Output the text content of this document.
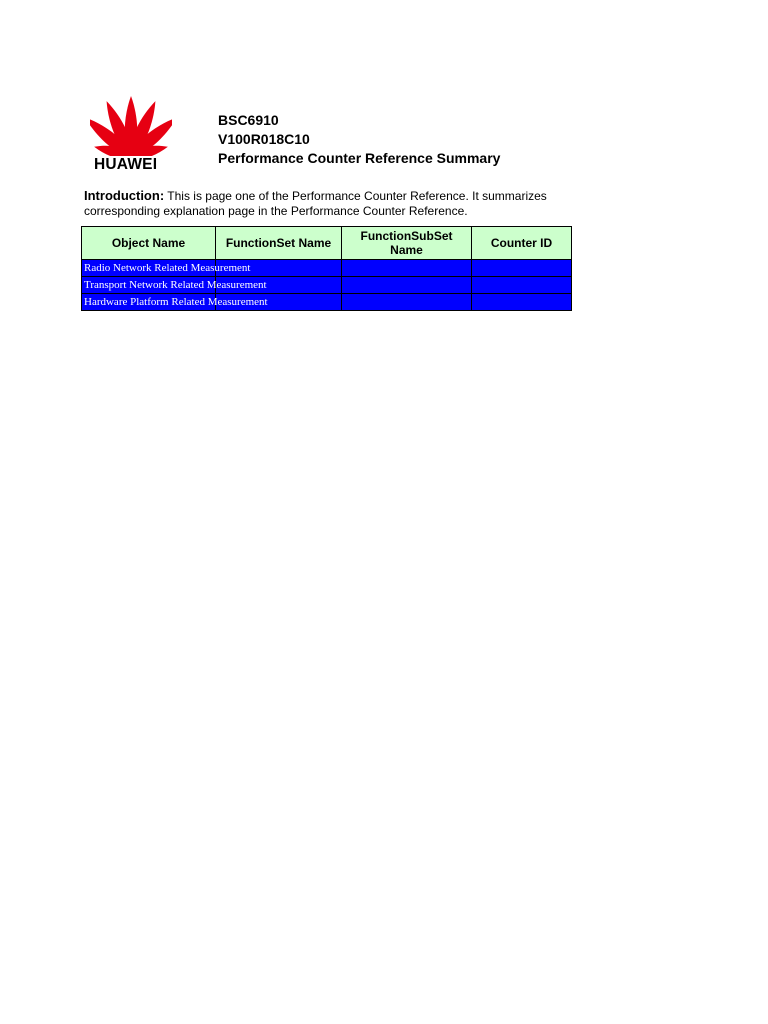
HUAWEI
BSC6910
V100R018C10
Performance Counter Reference Summary
Introduction: This is page one of the Performance Counter Reference. It summarizes
corresponding explanation page in the Performance Counter Reference.
Object Name	FunctionSet Name	FunctionSubSet Name	Counter ID
Radio Network Related Measurement			
Transport Network Related Measurement			
Hardware Platform Related Measurement			
